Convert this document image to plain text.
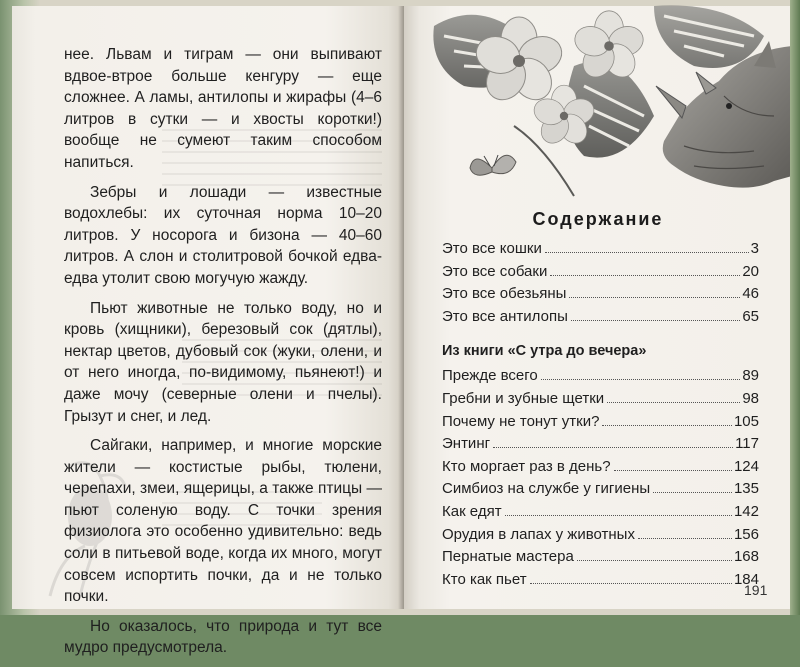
нее. Львам и тиграм — они выпивают вдвое-втрое больше кенгуру — еще сложнее. А ламы, антилопы и жирафы (4–6 литров в сутки — и хвосты коротки!) вообще не сумеют таким способом напиться.

Зебры и лошади — известные водохлебы: их суточная норма 10–20 литров. У носорога и бизона — 40–60 литров. А слон и столитровой бочкой едва-едва утолит свою могучую жажду.

Пьют животные не только воду, но и кровь (хищники), березовый сок (дятлы), нектар цветов, дубовый сок (жуки, олени, и от него иногда, по-видимому, пьянеют!) и даже мочу (северные олени и пчелы). Грызут и снег, и лед.

Сайгаки, например, и многие морские жители — костистые рыбы, тюлени, черепахи, змеи, ящерицы, а также птицы — пьют соленую воду. С точки зрения физиолога это особенно удивительно: ведь соли в питьевой воде, когда их много, могут совсем испортить почки, да и не только почки.

Но оказалось, что природа и тут все мудро предусмотрела.

Содержание
Это все кошки	3
Это все собаки	20
Это все обезьяны	46
Это все антилопы	65
Из книги «С утра до вечера»
Прежде всего	89
Гребни и зубные щетки	98
Почему не тонут утки?	105
Энтинг	117
Кто моргает раз в день?	124
Симбиоз на службе у гигиены	135
Как едят	142
Орудия в лапах у животных	156
Пернатые мастера	168
Кто как пьет	184
191
